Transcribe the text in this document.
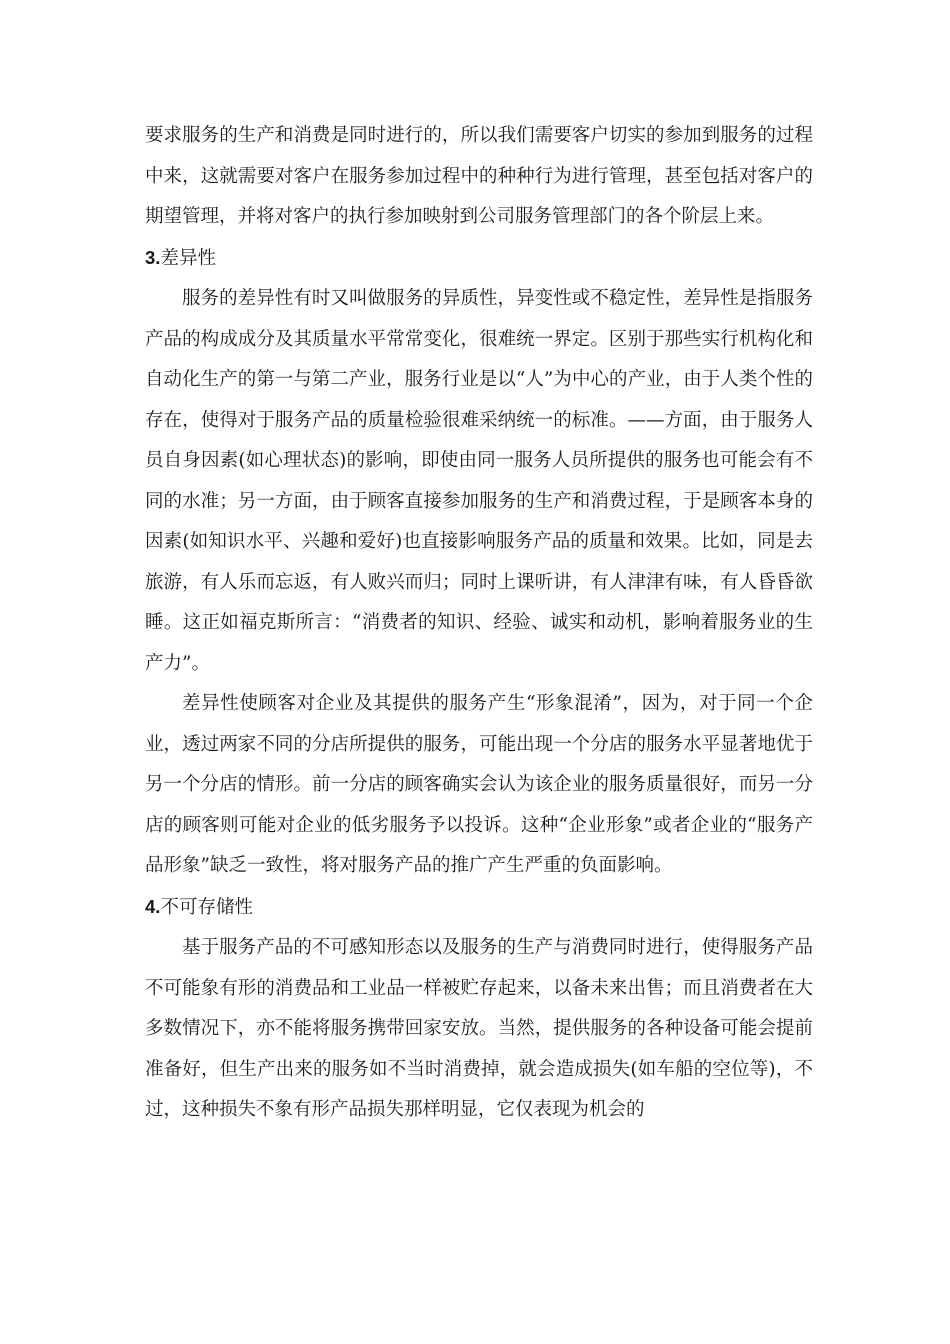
要求服务的生产和消费是同时进行的，所以我们需要客户切实的参加到服务的过程中来，这就需要对客户在服务参加过程中的种种行为进行管理，甚至包括对客户的期望管理，并将对客户的执行参加映射到公司服务管理部门的各个阶层上来。

3.差异性

服务的差异性有时又叫做服务的异质性，异变性或不稳定性，差异性是指服务产品的构成成分及其质量水平常常变化，很难统一界定。区别于那些实行机构化和自动化生产的第一与第二产业，服务行业是以“人”为中心的产业，由于人类个性的存在，使得对于服务产品的质量检验很难采纳统一的标准。——方面，由于服务人员自身因素(如心理状态)的影响，即使由同一服务人员所提供的服务也可能会有不同的水准；另一方面，由于顾客直接参加服务的生产和消费过程，于是顾客本身的因素(如知识水平、兴趣和爱好)也直接影响服务产品的质量和效果。比如，同是去旅游，有人乐而忘返，有人败兴而归；同时上课听讲，有人津津有味，有人昏昏欲睡。这正如福克斯所言：“消费者的知识、经验、诚实和动机，影响着服务业的生产力”。

差异性使顾客对企业及其提供的服务产生“形象混淆”，因为，对于同一个企业，透过两家不同的分店所提供的服务，可能出现一个分店的服务水平显著地优于另一个分店的情形。前一分店的顾客确实会认为该企业的服务质量很好，而另一分店的顾客则可能对企业的低劣服务予以投诉。这种“企业形象”或者企业的“服务产品形象”缺乏一致性，将对服务产品的推广产生严重的负面影响。

4.不可存储性

基于服务产品的不可感知形态以及服务的生产与消费同时进行，使得服务产品不可能象有形的消费品和工业品一样被贮存起来，以备未来出售；而且消费者在大多数情况下，亦不能将服务携带回家安放。当然，提供服务的各种设备可能会提前准备好，但生产出来的服务如不当时消费掉，就会造成损失(如车船的空位等)，不过，这种损失不象有形产品损失那样明显，它仅表现为机会的
